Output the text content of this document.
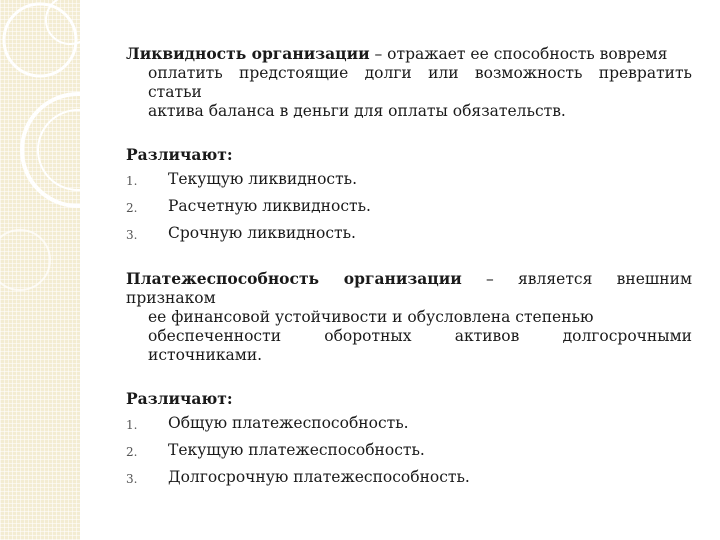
Ликвидность организации – отражает ее способность вовремя
оплатить предстоящие долги или возможность превратить статьи
актива баланса в деньги для оплаты обязательств.

Различают:

1.	Текущую ликвидность.
2.	Расчетную ликвидность.
3.	Срочную ликвидность.

Платежеспособность организации – является внешним признаком
ее финансовой устойчивости и обусловлена степенью
обеспеченности оборотных активов долгосрочными источниками.

Различают:

1.	Общую платежеспособность.
2.	Текущую платежеспособность.
3.	Долгосрочную платежеспособность.
